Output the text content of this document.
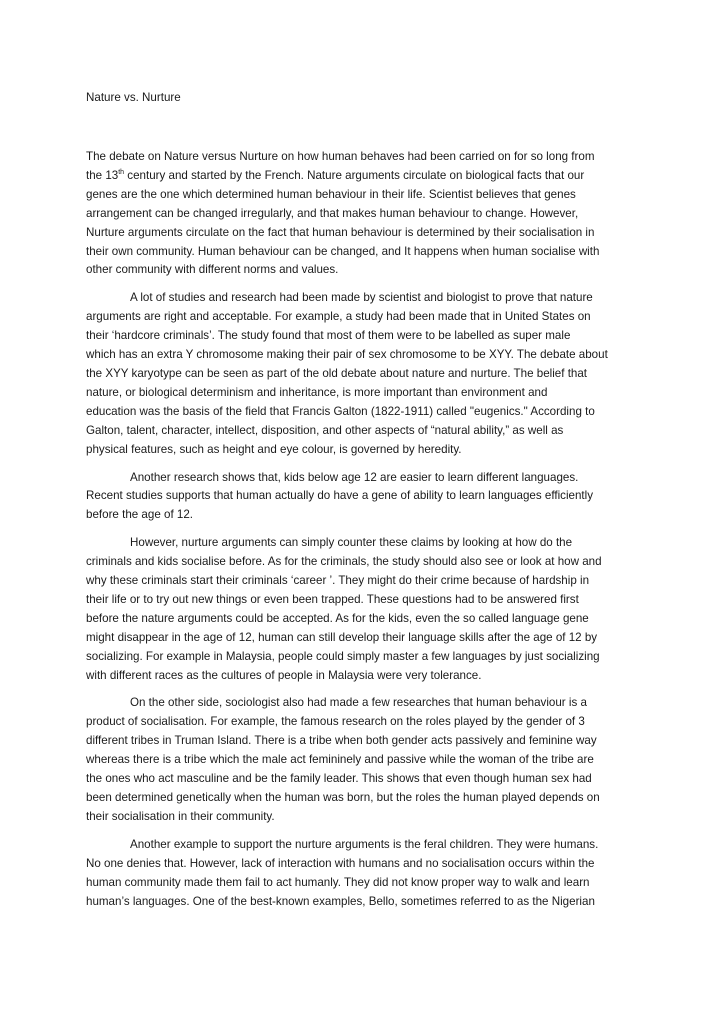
Nature vs. Nurture

The debate on Nature versus Nurture on how human behaves had been carried on for so long from
the 13th century and started by the French. Nature arguments circulate on biological facts that our
genes are the one which determined human behaviour in their life. Scientist believes that genes
arrangement can be changed irregularly, and that makes human behaviour to change. However,
Nurture arguments circulate on the fact that human behaviour is determined by their socialisation in
their own community. Human behaviour can be changed, and It happens when human socialise with
other community with different norms and values.

A lot of studies and research had been made by scientist and biologist to prove that nature
arguments are right and acceptable. For example, a study had been made that in United States on
their ‘hardcore criminals’. The study found that most of them were to be labelled as super male
which has an extra Y chromosome making their pair of sex chromosome to be XYY. The debate about
the XYY karyotype can be seen as part of the old debate about nature and nurture. The belief that
nature, or biological determinism and inheritance, is more important than environment and
education was the basis of the field that Francis Galton (1822-1911) called "eugenics." According to
Galton, talent, character, intellect, disposition, and other aspects of “natural ability,” as well as
physical features, such as height and eye colour, is governed by heredity.

Another research shows that, kids below age 12 are easier to learn different languages.
Recent studies supports that human actually do have a gene of ability to learn languages efficiently
before the age of 12.

However, nurture arguments can simply counter these claims by looking at how do the
criminals and kids socialise before. As for the criminals, the study should also see or look at how and
why these criminals start their criminals ‘career ’. They might do their crime because of hardship in
their life or to try out new things or even been trapped. These questions had to be answered first
before the nature arguments could be accepted. As for the kids, even the so called language gene
might disappear in the age of 12, human can still develop their language skills after the age of 12 by
socializing. For example in Malaysia, people could simply master a few languages by just socializing
with different races as the cultures of people in Malaysia were very tolerance.

On the other side, sociologist also had made a few researches that human behaviour is a
product of socialisation. For example, the famous research on the roles played by the gender of 3
different tribes in Truman Island. There is a tribe when both gender acts passively and feminine way
whereas there is a tribe which the male act femininely and passive while the woman of the tribe are
the ones who act masculine and be the family leader. This shows that even though human sex had
been determined genetically when the human was born, but the roles the human played depends on
their socialisation in their community.

Another example to support the nurture arguments is the feral children. They were humans.
No one denies that. However, lack of interaction with humans and no socialisation occurs within the
human community made them fail to act humanly. They did not know proper way to walk and learn
human’s languages. One of the best-known examples, Bello, sometimes referred to as the Nigerian
